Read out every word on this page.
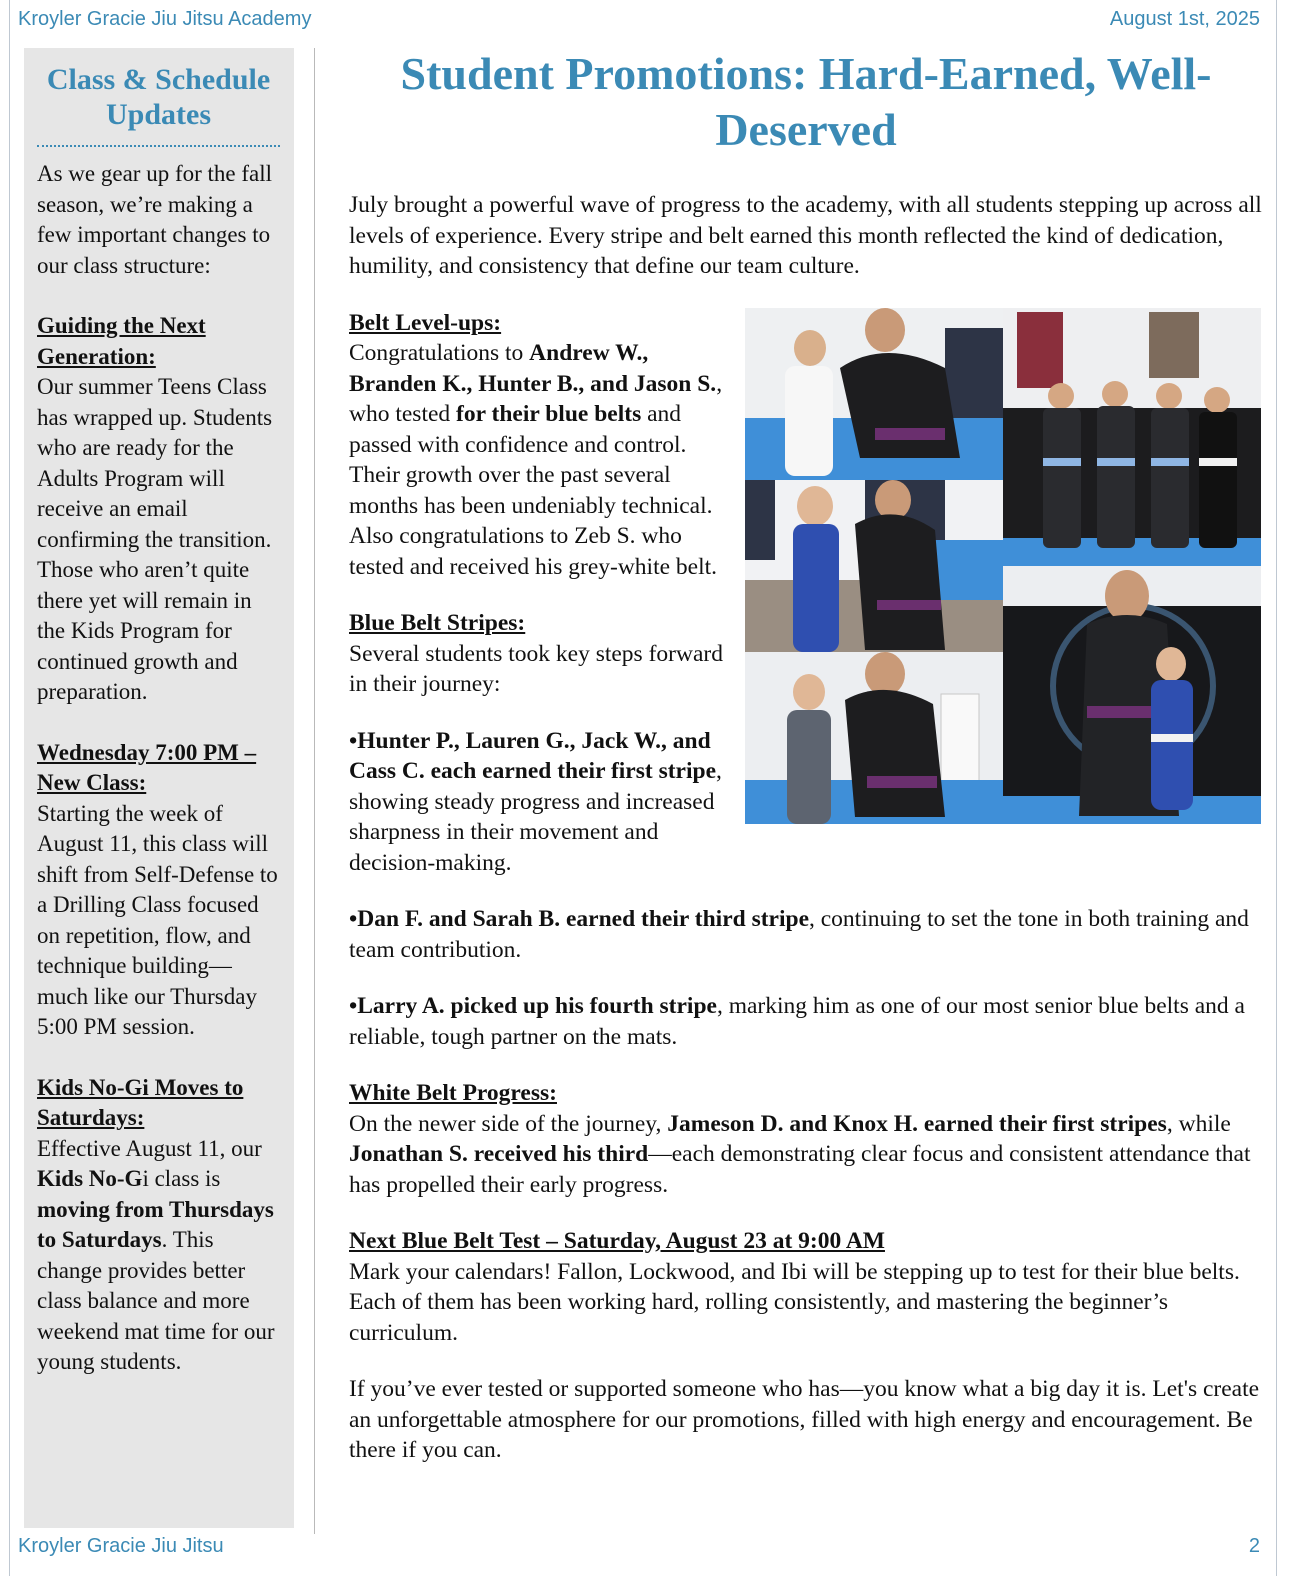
Kroyler Gracie Jiu Jitsu Academy	August 1st, 2025
Class & Schedule Updates

As we gear up for the fall season, we’re making a few important changes to our class structure:

Guiding the Next Generation:
Our summer Teens Class has wrapped up. Students who are ready for the Adults Program will receive an email confirming the transition. Those who aren’t quite there yet will remain in the Kids Program for continued growth and preparation.

Wednesday 7:00 PM – New Class:
Starting the week of August 11, this class will shift from Self-Defense to a Drilling Class focused on repetition, flow, and technique building—much like our Thursday 5:00 PM session.

Kids No-Gi Moves to Saturdays:
Effective August 11, our Kids No-Gi class is moving from Thursdays to Saturdays. This change provides better class balance and more weekend mat time for our young students.

Student Promotions: Hard-Earned, Well-Deserved

July brought a powerful wave of progress to the academy, with all students stepping up across all levels of experience. Every stripe and belt earned this month reflected the kind of dedication, humility, and consistency that define our team culture.

Belt Level-ups:
Congratulations to Andrew W., Branden K., Hunter B., and Jason S., who tested for their blue belts and passed with confidence and control. Their growth over the past several months has been undeniably technical. Also congratulations to Zeb S. who tested and received his grey-white belt.

Blue Belt Stripes:
Several students took key steps forward in their journey:

•Hunter P., Lauren G., Jack W., and Cass C. each earned their first stripe, showing steady progress and increased sharpness in their movement and decision-making.

•Dan F. and Sarah B. earned their third stripe, continuing to set the tone in both training and team contribution.

•Larry A. picked up his fourth stripe, marking him as one of our most senior blue belts and a reliable, tough partner on the mats.

White Belt Progress:
On the newer side of the journey, Jameson D. and Knox H. earned their first stripes, while Jonathan S. received his third—each demonstrating clear focus and consistent attendance that has propelled their early progress.

Next Blue Belt Test – Saturday, August 23 at 9:00 AM
Mark your calendars! Fallon, Lockwood, and Ibi will be stepping up to test for their blue belts. Each of them has been working hard, rolling consistently, and mastering the beginner’s curriculum.

If you’ve ever tested or supported someone who has—you know what a big day it is. Let's create an unforgettable atmosphere for our promotions, filled with high energy and encouragement. Be there if you can.

Kroyler Gracie Jiu Jitsu	2
